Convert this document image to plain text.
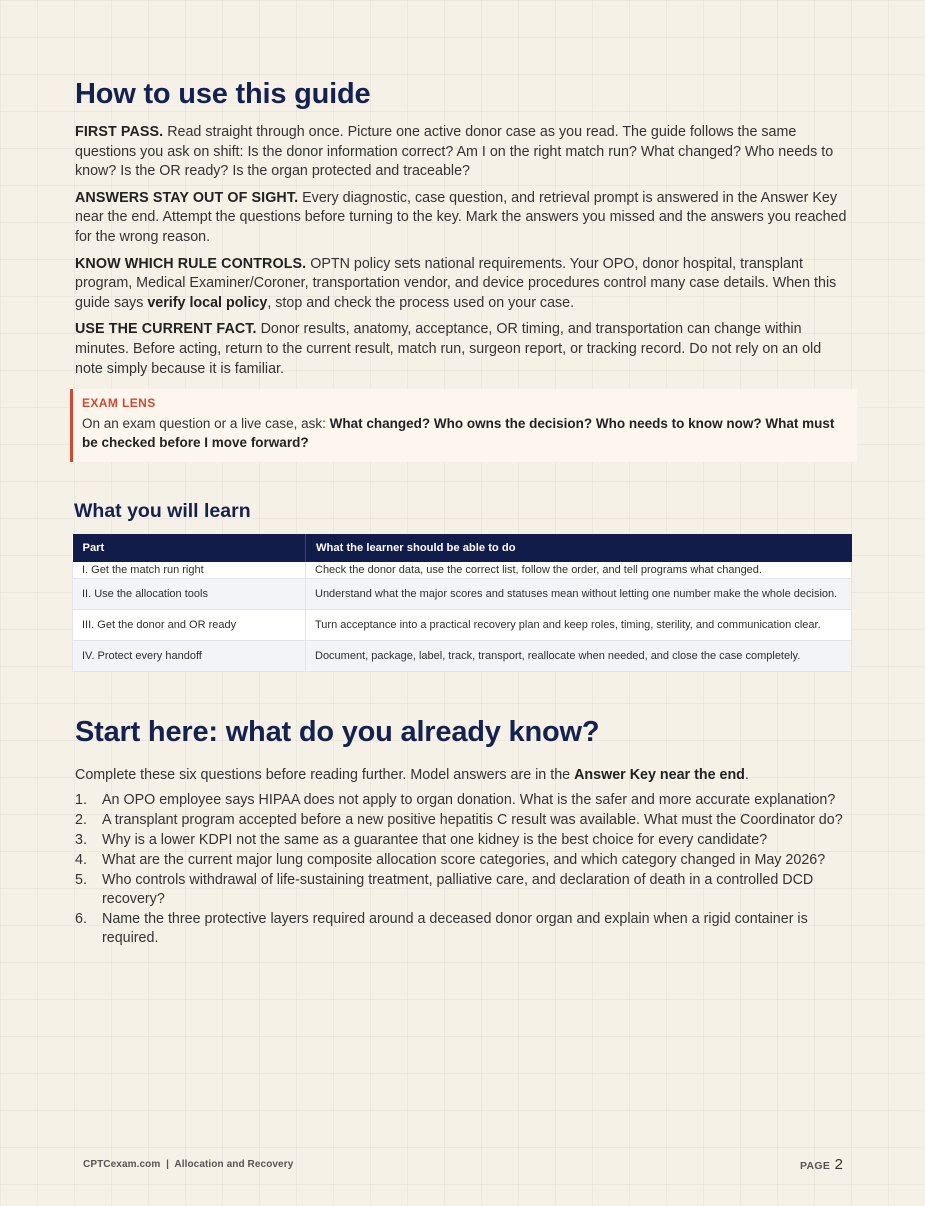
How to use this guide

FIRST PASS. Read straight through once. Picture one active donor case as you read. The guide follows the same questions you ask on shift: Is the donor information correct? Am I on the right match run? What changed? Who needs to know? Is the OR ready? Is the organ protected and traceable?

ANSWERS STAY OUT OF SIGHT. Every diagnostic, case question, and retrieval prompt is answered in the Answer Key near the end. Attempt the questions before turning to the key. Mark the answers you missed and the answers you reached for the wrong reason.

KNOW WHICH RULE CONTROLS. OPTN policy sets national requirements. Your OPO, donor hospital, transplant program, Medical Examiner/Coroner, transportation vendor, and device procedures control many case details. When this guide says verify local policy, stop and check the process used on your case.

USE THE CURRENT FACT. Donor results, anatomy, acceptance, OR timing, and transportation can change within minutes. Before acting, return to the current result, match run, surgeon report, or tracking record. Do not rely on an old note simply because it is familiar.

EXAM LENS
On an exam question or a live case, ask: What changed? Who owns the decision? Who needs to know now? What must be checked before I move forward?
What you will learn
Part	What the learner should be able to do
I. Get the match run right	Check the donor data, use the correct list, follow the order, and tell programs what changed.
II. Use the allocation tools	Understand what the major scores and statuses mean without letting one number make the whole decision.
III. Get the donor and OR ready	Turn acceptance into a practical recovery plan and keep roles, timing, sterility, and communication clear.
IV. Protect every handoff	Document, package, label, track, transport, reallocate when needed, and close the case completely.
Start here: what do you already know?

Complete these six questions before reading further. Model answers are in the Answer Key near the end.

1.	An OPO employee says HIPAA does not apply to organ donation. What is the safer and more accurate explanation?
2.	A transplant program accepted before a new positive hepatitis C result was available. What must the Coordinator do?
3.	Why is a lower KDPI not the same as a guarantee that one kidney is the best choice for every candidate?
4.	What are the current major lung composite allocation score categories, and which category changed in May 2026?
5.	Who controls withdrawal of life-sustaining treatment, palliative care, and declaration of death in a controlled DCD recovery?
6.	Name the three protective layers required around a deceased donor organ and explain when a rigid container is required.
CPTCexam.com  |  Allocation and Recovery	PAGE 2
